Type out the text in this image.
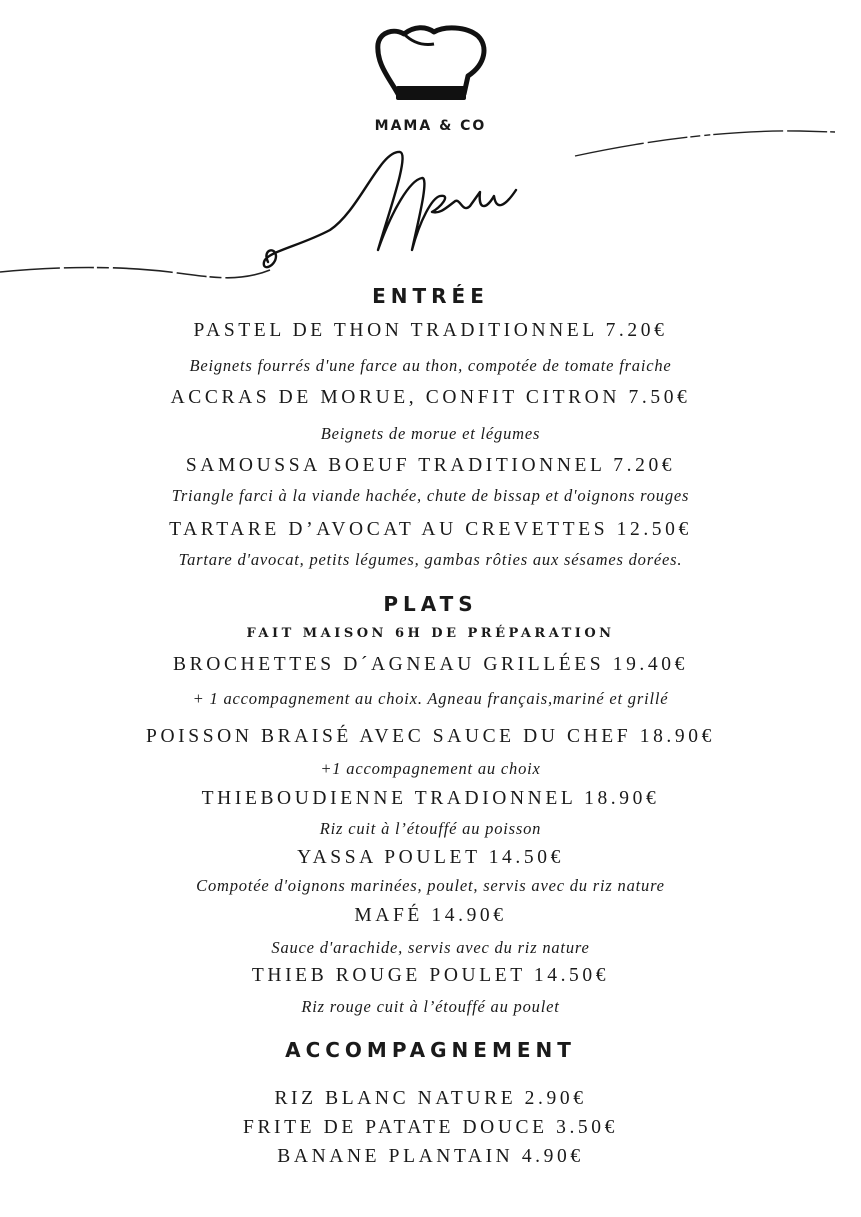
MAMA & CO
Menu
ENTRÉE
PASTEL DE THON TRADITIONNEL 7.20€
Beignets fourrés d'une farce au thon, compotée de tomate fraiche
ACCRAS DE MORUE, CONFIT CITRON 7.50€
Beignets de morue et légumes
SAMOUSSA BOEUF TRADITIONNEL 7.20€
Triangle farci à la viande hachée, chute de bissap et d'oignons rouges
TARTARE D’AVOCAT AU CREVETTES 12.50€
Tartare d'avocat, petits légumes, gambas rôties aux sésames dorées.
PLATS
FAIT MAISON 6H DE PRÉPARATION
BROCHETTES D´AGNEAU GRILLÉES 19.40€
+ 1 accompagnement au choix. Agneau français,mariné et grillé
POISSON BRAISÉ AVEC SAUCE DU CHEF 18.90€
+1 accompagnement au choix
THIEBOUDIENNE TRADIONNEL 18.90€
Riz cuit à l’étouffé au poisson
YASSA POULET 14.50€
Compotée d'oignons marinées, poulet, servis avec du riz nature
MAFÉ 14.90€
Sauce d'arachide, servis avec du riz nature
THIEB ROUGE POULET 14.50€
Riz rouge cuit à l’étouffé au poulet
ACCOMPAGNEMENT
RIZ BLANC NATURE 2.90€
FRITE DE PATATE DOUCE 3.50€
BANANE PLANTAIN 4.90€
